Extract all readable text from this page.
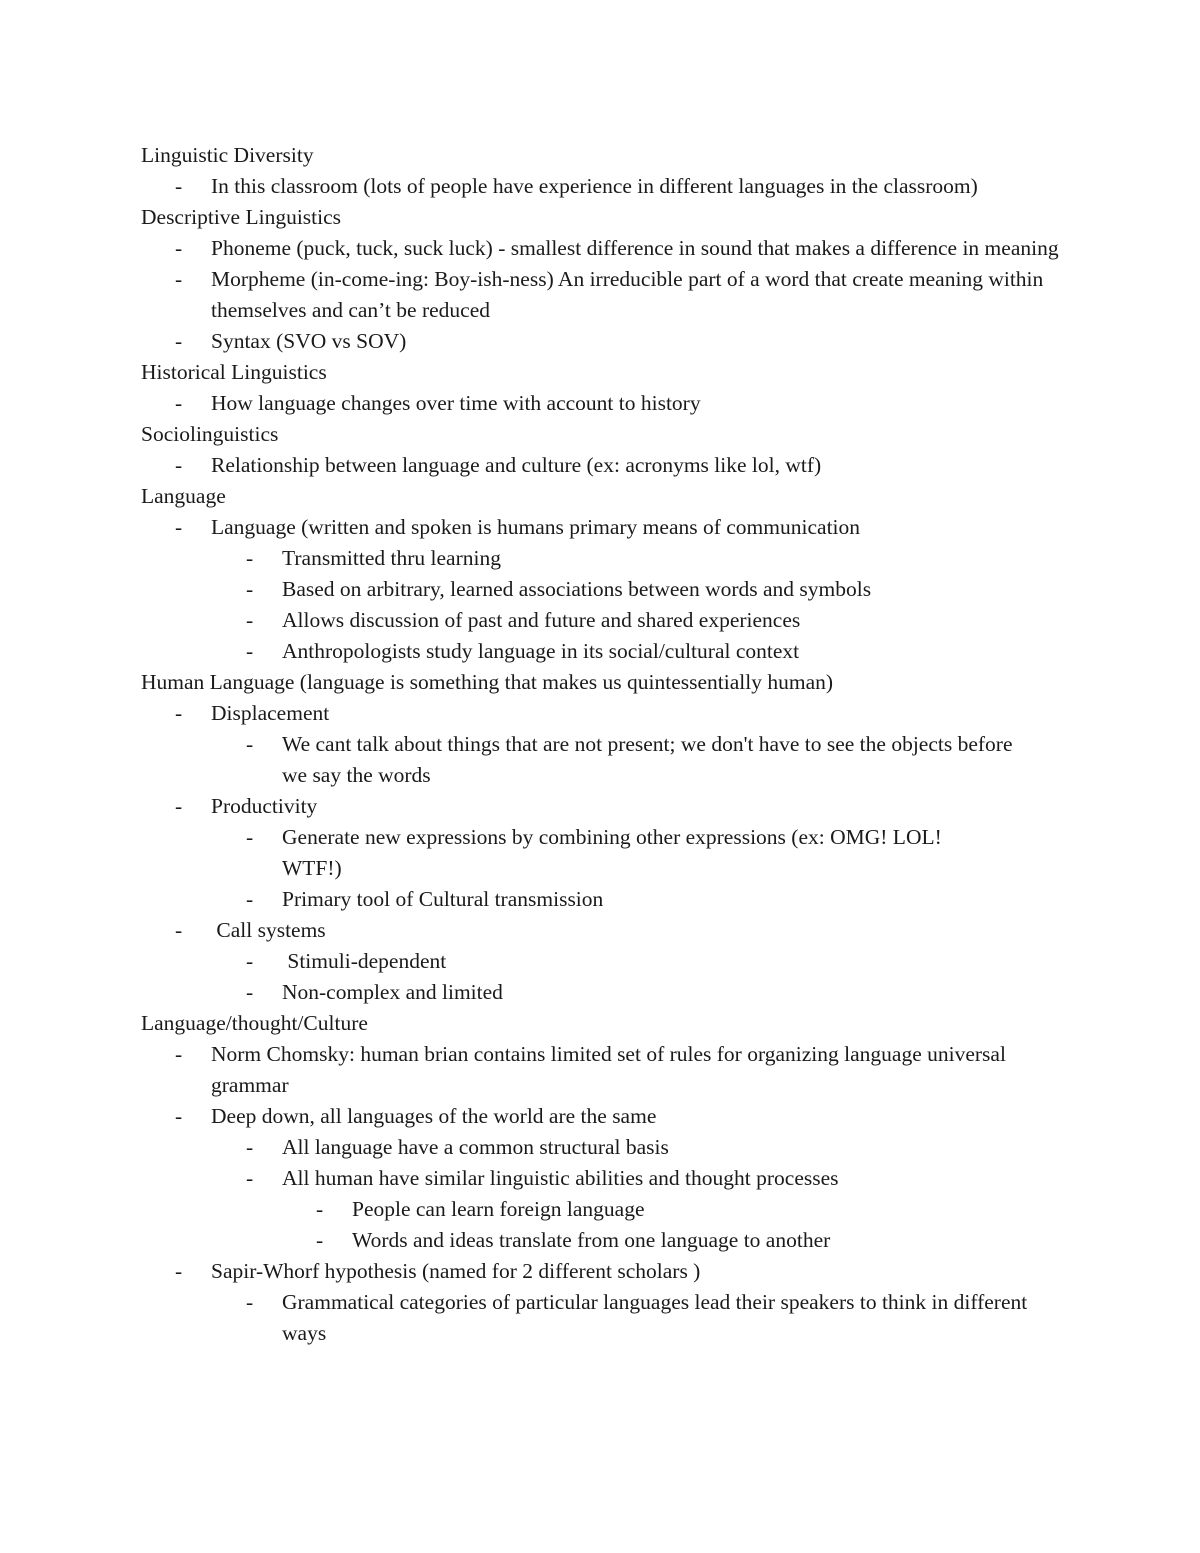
Linguistic Diversity
-	In this classroom (lots of people have experience in different languages in the classroom)
Descriptive Linguistics
-	Phoneme (puck, tuck, suck luck) - smallest difference in sound that makes a difference in meaning
-	Morpheme (in-come-ing: Boy-ish-ness) An irreducible part of a word that create meaning within themselves and can’t be reduced
-	Syntax (SVO vs SOV)
Historical Linguistics
-	How language changes over time with account to history
Sociolinguistics
-	Relationship between language and culture (ex: acronyms like lol, wtf)
Language
-	Language (written and spoken is humans primary means of communication
-	Transmitted thru learning
-	Based on arbitrary, learned associations between words and symbols
-	Allows discussion of past and future and shared experiences
-	Anthropologists study language in its social/cultural context
Human Language (language is something that makes us quintessentially human)
-	Displacement
-	We cant talk about things that are not present; we don't have to see the objects before we say the words
-	Productivity
-	Generate new expressions by combining other expressions (ex: OMG! LOL! WTF!)
-	Primary tool of Cultural transmission
-	Call systems
-	Stimuli-dependent
-	Non-complex and limited
Language/thought/Culture
-	Norm Chomsky: human brian contains limited set of rules for organizing language universal grammar
-	Deep down, all languages of the world are the same
-	All language have a common structural basis
-	All human have similar linguistic abilities and thought processes
-	People can learn foreign language
-	Words and ideas translate from one language to another
-	Sapir-Whorf hypothesis (named for 2 different scholars )
-	Grammatical categories of particular languages lead their speakers to think in different ways
